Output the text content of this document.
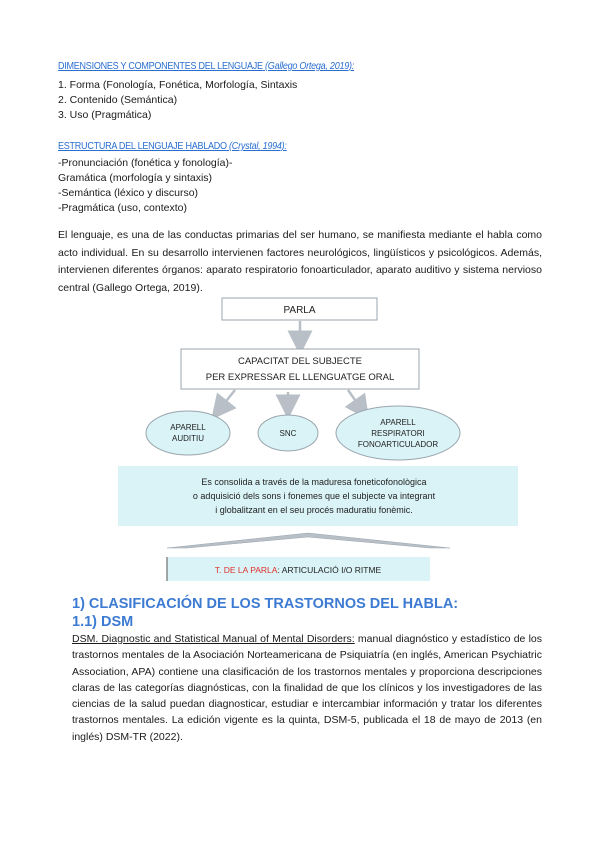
DIMENSIONES Y COMPONENTES DEL LENGUAJE (Gallego Ortega, 2019):
1. Forma (Fonología, Fonética, Morfología, Sintaxis
2. Contenido (Semántica)
3. Uso (Pragmática)
ESTRUCTURA DEL LENGUAJE HABLADO (Crystal, 1994):
-Pronunciación (fonética y fonología)-
Gramática (morfología y sintaxis)
-Semántica (léxico y discurso)
-Pragmática (uso, contexto)
El lenguaje, es una de las conductas primarias del ser humano, se manifiesta mediante el habla como acto individual. En su desarrollo intervienen factores neurológicos, lingüísticos y psicológicos. Además, intervienen diferentes órganos: aparato respiratorio fonoarticulador, aparato auditivo y sistema nervioso central (Gallego Ortega, 2019).
PARLA
CAPACITAT DEL SUBJECTE
PER EXPRESSAR EL LLENGUATGE ORAL
APARELL
AUDITIU
SNC
APARELL
RESPIRATORI
FONOARTICULADOR
Es consolida a través de la maduresa foneticofonològica
o adquisició dels sons i fonemes que el subjecte va integrant
i globalitzant en el seu procés maduratiu fonèmic.
T. DE LA PARLA: ARTICULACIÓ I/O RITME
1) CLASIFICACIÓN DE LOS TRASTORNOS DEL HABLA:
1.1) DSM
DSM. Diagnostic and Statistical Manual of Mental Disorders: manual diagnóstico y estadístico de los trastornos mentales de la Asociación Norteamericana de Psiquiatría (en inglés, American Psychiatric Association, APA) contiene una clasificación de los trastornos mentales y proporciona descripciones claras de las categorías diagnósticas, con la finalidad de que los clínicos y los investigadores de las ciencias de la salud puedan diagnosticar, estudiar e intercambiar información y tratar los diferentes trastornos mentales. La edición vigente es la quinta, DSM-5, publicada el 18 de mayo de 2013 (en inglés) DSM-TR (2022).
